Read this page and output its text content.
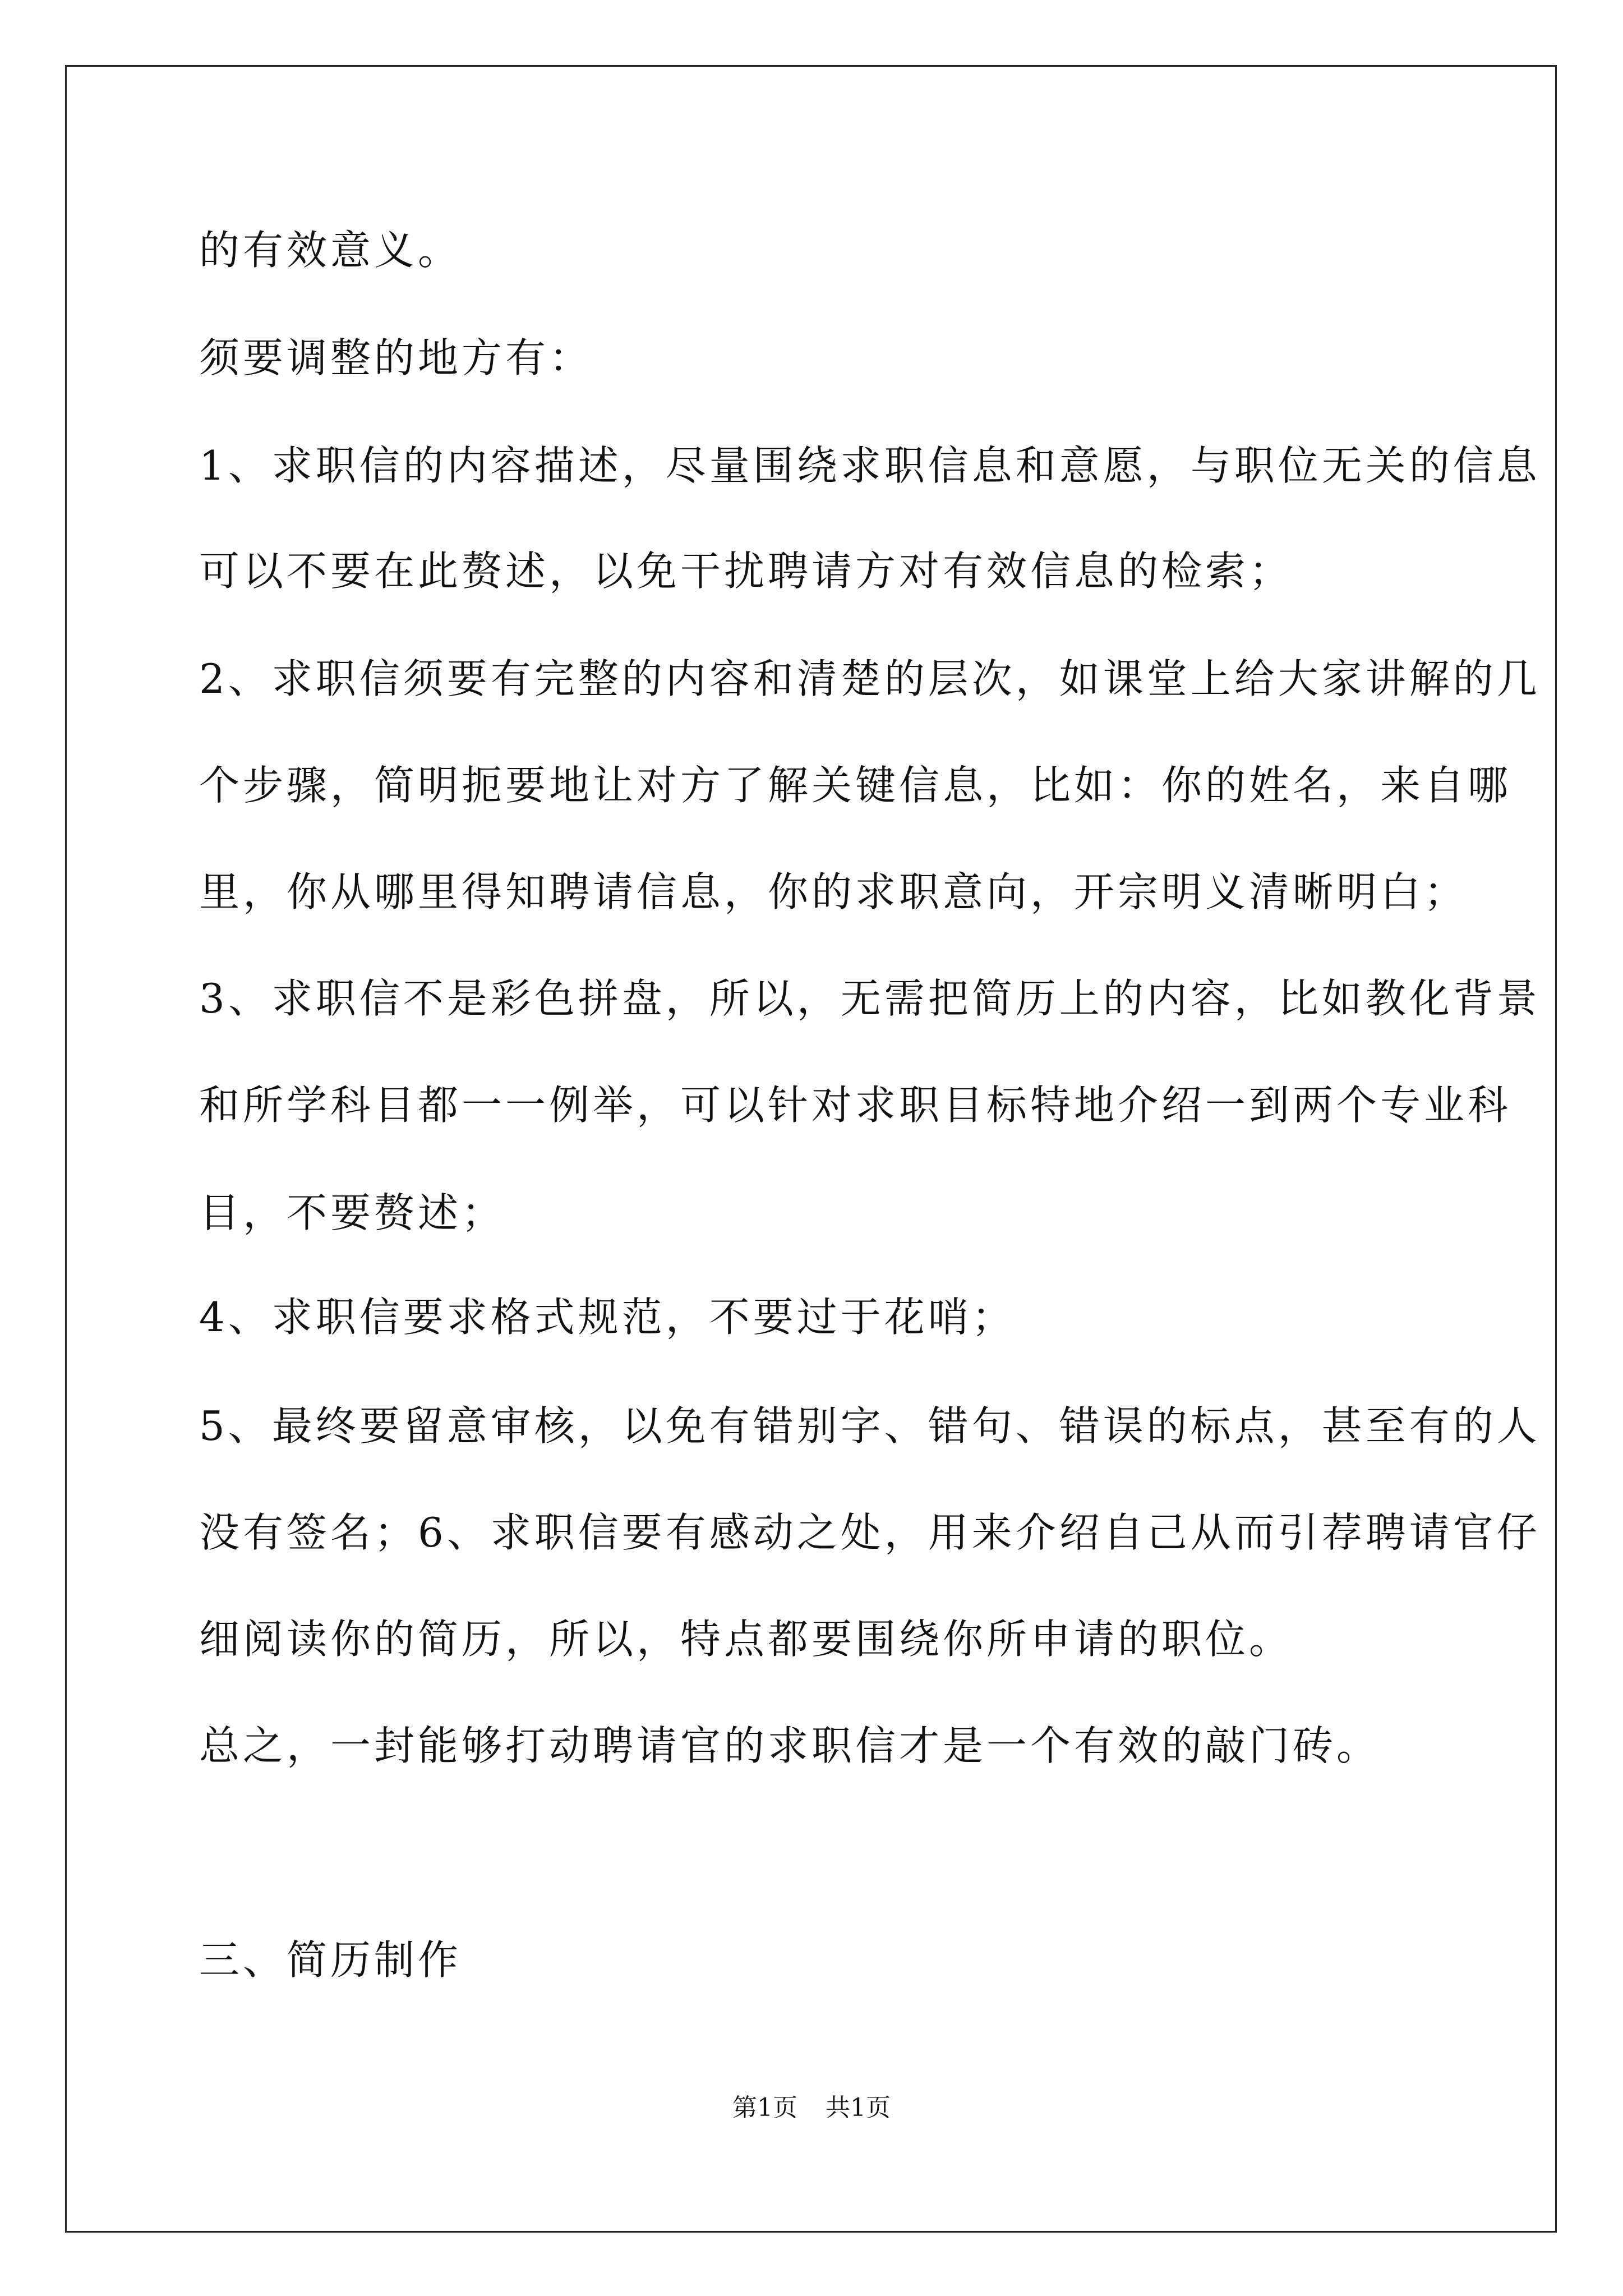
的有效意义。
须要调整的地方有：
1、求职信的内容描述，尽量围绕求职信息和意愿，与职位无关的信息
可以不要在此赘述，以免干扰聘请方对有效信息的检索；
2、求职信须要有完整的内容和清楚的层次，如课堂上给大家讲解的几
个步骤，简明扼要地让对方了解关键信息，比如：你的姓名，来自哪
里，你从哪里得知聘请信息，你的求职意向，开宗明义清晰明白；
3、求职信不是彩色拼盘，所以，无需把简历上的内容，比如教化背景
和所学科目都一一例举，可以针对求职目标特地介绍一到两个专业科
目，不要赘述；
4、求职信要求格式规范，不要过于花哨；
5、最终要留意审核，以免有错别字、错句、错误的标点，甚至有的人
没有签名；6、求职信要有感动之处，用来介绍自己从而引荐聘请官仔
细阅读你的简历，所以，特点都要围绕你所申请的职位。
总之，一封能够打动聘请官的求职信才是一个有效的敲门砖。
三、简历制作
第1页 共1页
